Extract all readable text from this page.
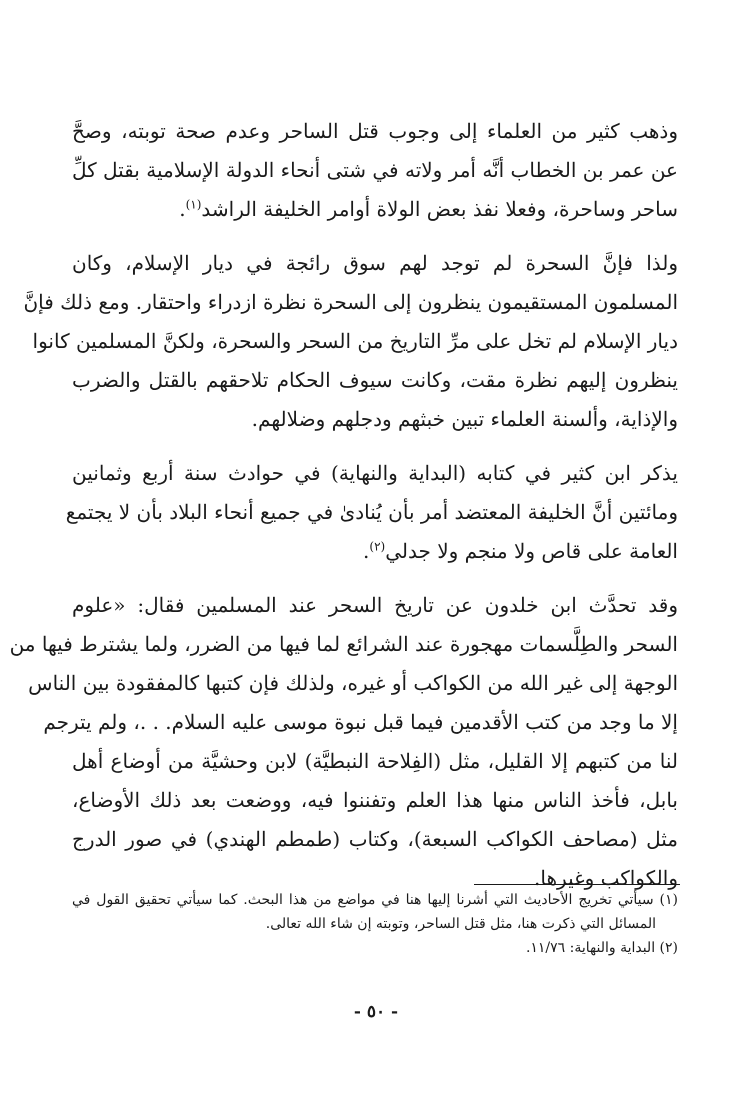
وذهب كثير من العلماء إلى وجوب قتل الساحر وعدم صحة توبته، وصحَّ
عن عمر بن الخطاب أنَّه أمر ولاته في شتى أنحاء الدولة الإسلامية بقتل كلِّ
ساحر وساحرة، وفعلا نفذ بعض الولاة أوامر الخليفة الراشد$^{(١)}$.

ولذا فإنَّ السحرة لم توجد لهم سوق رائجة في ديار الإسلام، وكان
المسلمون المستقيمون ينظرون إلى السحرة نظرة ازدراء واحتقار. ومع ذلك فإنَّ
ديار الإسلام لم تخل على مرِّ التاريخ من السحر والسحرة، ولكنَّ المسلمين كانوا
ينظرون إليهم نظرة مقت، وكانت سيوف الحكام تلاحقهم بالقتل والضرب
والإذاية، وألسنة العلماء تبين خبثهم ودجلهم وضلالهم.

يذكر ابن كثير في كتابه (البداية والنهاية) في حوادث سنة أربع وثمانين
ومائتين أنَّ الخليفة المعتضد أمر بأن يُنادىٰ في جميع أنحاء البلاد بأن لا يجتمع
العامة على قاص ولا منجم ولا جدلي$^{(٢)}$.

وقد تحدَّث ابن خلدون عن تاريخ السحر عند المسلمين فقال: «علوم
السحر والطِلَّسمات مهجورة عند الشرائع لما فيها من الضرر، ولما يشترط فيها من
الوجهة إلى غير الله من الكواكب أو غيره، ولذلك فإن كتبها كالمفقودة بين الناس
إلا ما وجد من كتب الأقدمين فيما قبل نبوة موسى عليه السلام. . .، ولم يترجم
لنا من كتبهم إلا القليل، مثل (الفِلاحة النبطيَّة) لابن وحشيَّة من أوضاع أهل
بابل، فأخذ الناس منها هذا العلم وتفننوا فيه، ووضعت بعد ذلك الأوضاع،
مثل (مصاحف الكواكب السبعة)، وكتاب (طمطم الهندي) في صور الدرج
والكواكب وغيرها.

(١) سيأتي تخريج الأحاديث التي أشرنا إليها هنا في مواضع من هذا البحث. كما سيأتي تحقيق القول في
المسائل التي ذكرت هنا، مثل قتل الساحر، وتوبته إن شاء الله تعالى.
(٢) البداية والنهاية: ١١/٧٦.
- ٥٠ -
